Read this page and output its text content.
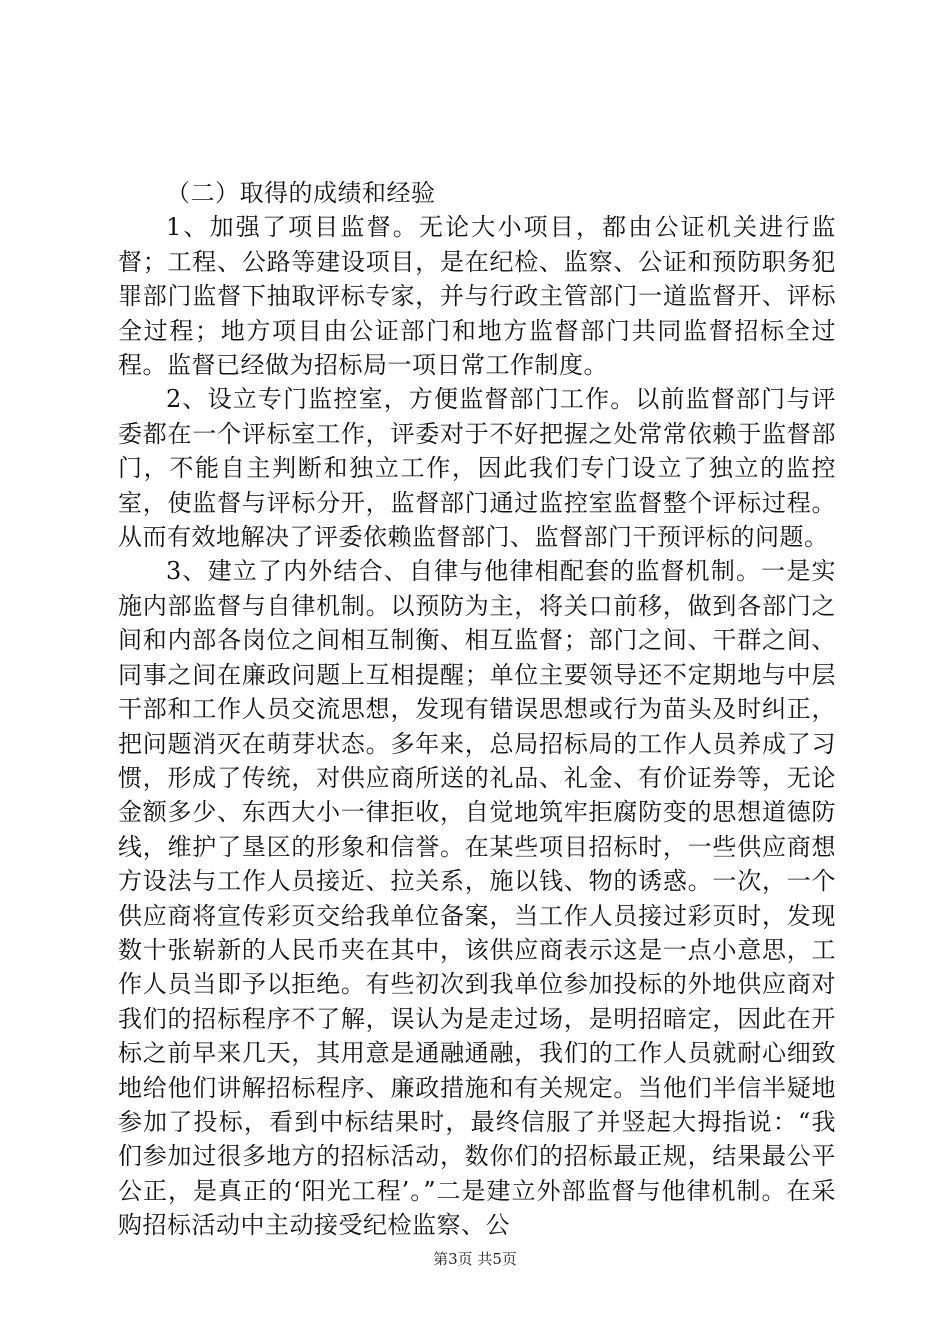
（二）取得的成绩和经验

1、加强了项目监督。无论大小项目，都由公证机关进行监督；工程、公路等建设项目，是在纪检、监察、公证和预防职务犯罪部门监督下抽取评标专家，并与行政主管部门一道监督开、评标全过程；地方项目由公证部门和地方监督部门共同监督招标全过程。监督已经做为招标局一项日常工作制度。

2、设立专门监控室，方便监督部门工作。以前监督部门与评委都在一个评标室工作，评委对于不好把握之处常常依赖于监督部门，不能自主判断和独立工作，因此我们专门设立了独立的监控室，使监督与评标分开，监督部门通过监控室监督整个评标过程。从而有效地解决了评委依赖监督部门、监督部门干预评标的问题。

3、建立了内外结合、自律与他律相配套的监督机制。一是实施内部监督与自律机制。以预防为主，将关口前移，做到各部门之间和内部各岗位之间相互制衡、相互监督；部门之间、干群之间、同事之间在廉政问题上互相提醒；单位主要领导还不定期地与中层干部和工作人员交流思想，发现有错误思想或行为苗头及时纠正，把问题消灭在萌芽状态。多年来，总局招标局的工作人员养成了习惯，形成了传统，对供应商所送的礼品、礼金、有价证券等，无论金额多少、东西大小一律拒收，自觉地筑牢拒腐防变的思想道德防线，维护了垦区的形象和信誉。在某些项目招标时，一些供应商想方设法与工作人员接近、拉关系，施以钱、物的诱惑。一次，一个供应商将宣传彩页交给我单位备案，当工作人员接过彩页时，发现数十张崭新的人民币夹在其中，该供应商表示这是一点小意思，工作人员当即予以拒绝。有些初次到我单位参加投标的外地供应商对我们的招标程序不了解，误认为是走过场，是明招暗定，因此在开标之前早来几天，其用意是通融通融，我们的工作人员就耐心细致地给他们讲解招标程序、廉政措施和有关规定。当他们半信半疑地参加了投标，看到中标结果时，最终信服了并竖起大拇指说：“我们参加过很多地方的招标活动，数你们的招标最正规，结果最公平公正，是真正的‘阳光工程’。”二是建立外部监督与他律机制。在采购招标活动中主动接受纪检监察、公

第3页 共5页
